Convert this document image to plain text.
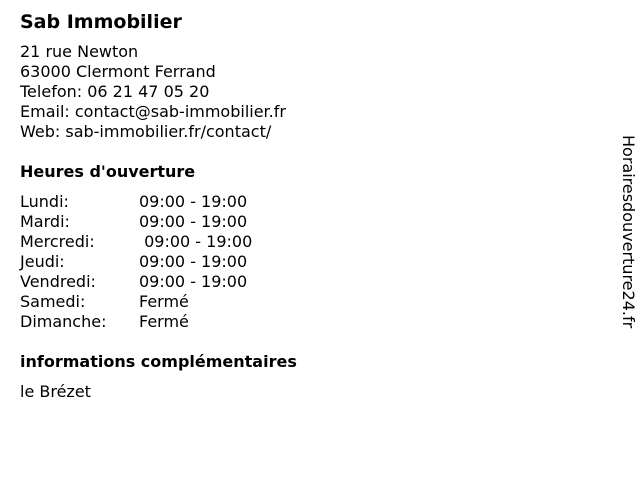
Sab Immobilier
21 rue Newton
63000 Clermont Ferrand
Telefon: 06 21 47 05 20
Email: contact@sab-immobilier.fr
Web: sab-immobilier.fr/contact/
Heures d'ouverture
Lundi:	09:00 - 19:00
Mardi:	09:00 - 19:00
Mercredi:	09:00 - 19:00
Jeudi:	09:00 - 19:00
Vendredi:	09:00 - 19:00
Samedi:	Fermé
Dimanche:	Fermé
informations complémentaires
le Brézet
Horairesdouverture24.fr
